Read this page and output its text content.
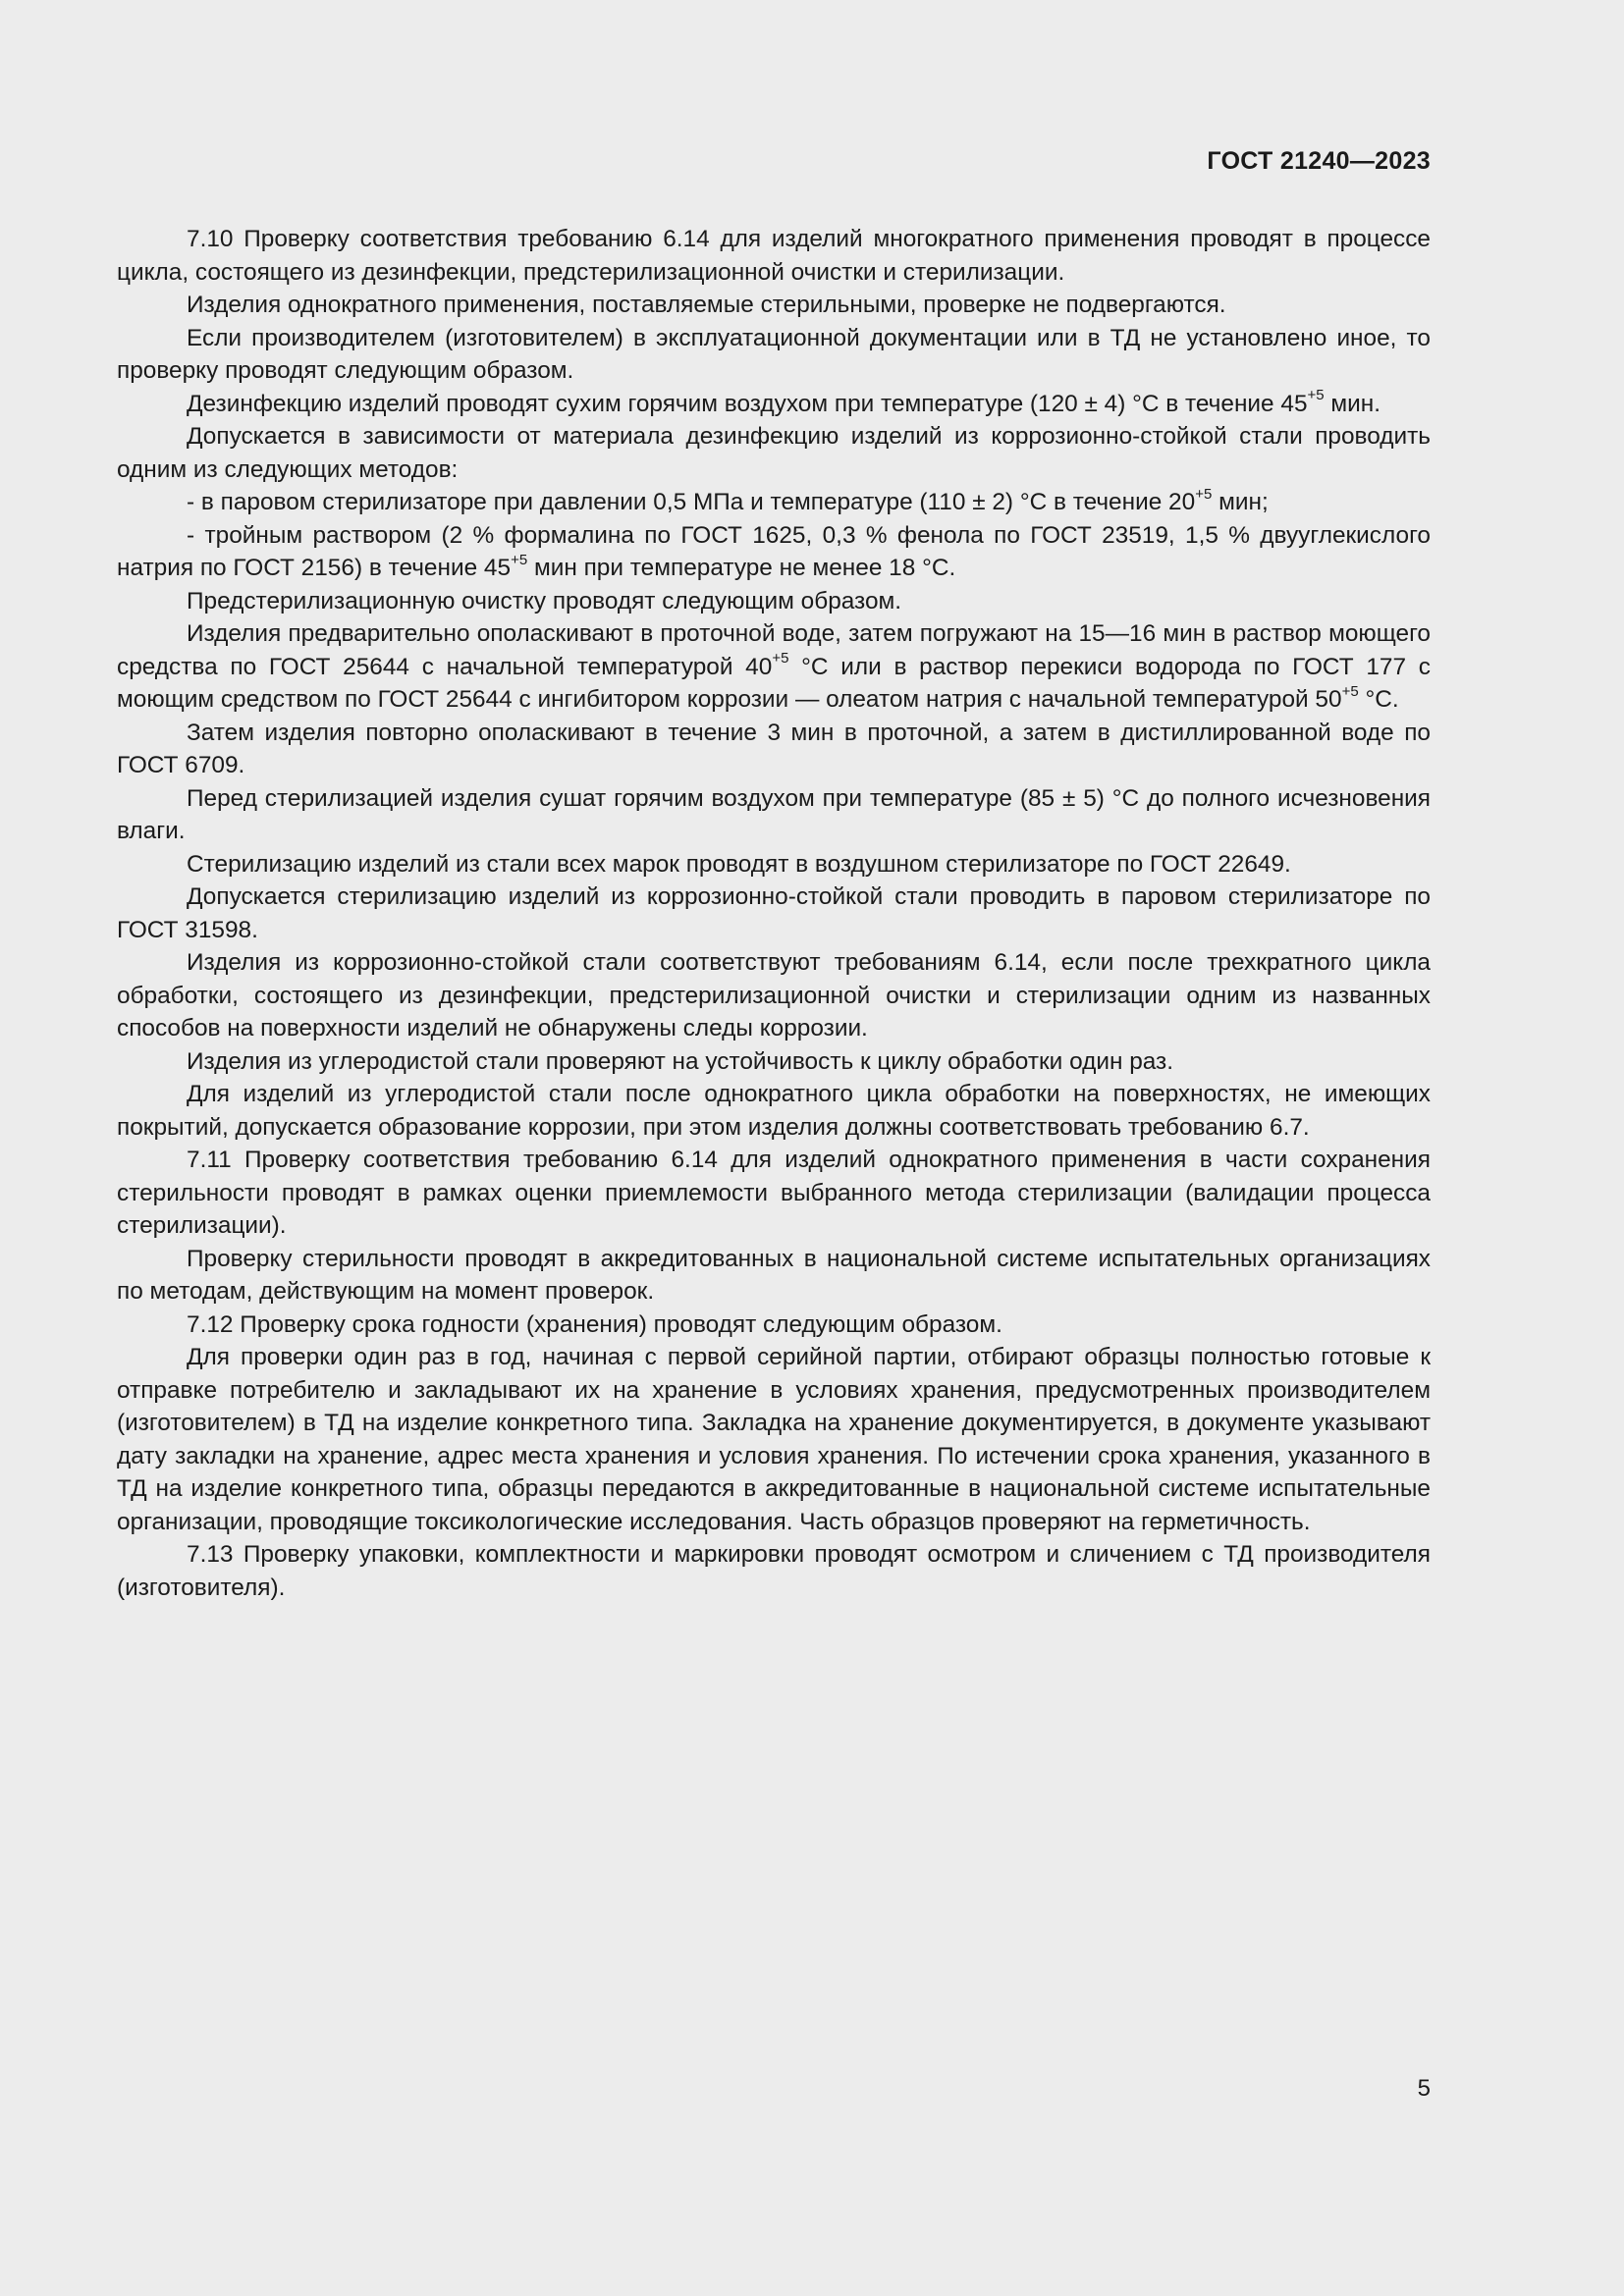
ГОСТ 21240—2023

7.10 Проверку соответствия требованию 6.14 для изделий многократного применения проводят в процессе цикла, состоящего из дезинфекции, предстерилизационной очистки и стерилизации.

Изделия однократного применения, поставляемые стерильными, проверке не подвергаются.

Если производителем (изготовителем) в эксплуатационной документации или в ТД не установлено иное, то проверку проводят следующим образом.

Дезинфекцию изделий проводят сухим горячим воздухом при температуре (120 ± 4) °С в течение $45^{+5}$ мин.

Допускается в зависимости от материала дезинфекцию изделий из коррозионно-стойкой стали проводить одним из следующих методов:

- в паровом стерилизаторе при давлении 0,5 МПа и температуре (110 ± 2) °С в течение $20^{+5}$ мин;

- тройным раствором (2 % формалина по ГОСТ 1625, 0,3 % фенола по ГОСТ 23519, 1,5 % двууглекислого натрия по ГОСТ 2156) в течение $45^{+5}$ мин при температуре не менее 18 °С.

Предстерилизационную очистку проводят следующим образом.

Изделия предварительно ополаскивают в проточной воде, затем погружают на 15—16 мин в раствор моющего средства по ГОСТ 25644 с начальной температурой $40^{+5}$ °С или в раствор перекиси водорода по ГОСТ 177 с моющим средством по ГОСТ 25644 с ингибитором коррозии — олеатом натрия с начальной температурой $50^{+5}$ °С.

Затем изделия повторно ополаскивают в течение 3 мин в проточной, а затем в дистиллированной воде по ГОСТ 6709.

Перед стерилизацией изделия сушат горячим воздухом при температуре (85 ± 5) °С до полного исчезновения влаги.

Стерилизацию изделий из стали всех марок проводят в воздушном стерилизаторе по ГОСТ 22649.

Допускается стерилизацию изделий из коррозионно-стойкой стали проводить в паровом стерилизаторе по ГОСТ 31598.

Изделия из коррозионно-стойкой стали соответствуют требованиям 6.14, если после трехкратного цикла обработки, состоящего из дезинфекции, предстерилизационной очистки и стерилизации одним из названных способов на поверхности изделий не обнаружены следы коррозии.

Изделия из углеродистой стали проверяют на устойчивость к циклу обработки один раз.

Для изделий из углеродистой стали после однократного цикла обработки на поверхностях, не имеющих покрытий, допускается образование коррозии, при этом изделия должны соответствовать требованию 6.7.

7.11 Проверку соответствия требованию 6.14 для изделий однократного применения в части сохранения стерильности проводят в рамках оценки приемлемости выбранного метода стерилизации (валидации процесса стерилизации).

Проверку стерильности проводят в аккредитованных в национальной системе испытательных организациях по методам, действующим на момент проверок.

7.12 Проверку срока годности (хранения) проводят следующим образом.

Для проверки один раз в год, начиная с первой серийной партии, отбирают образцы полностью готовые к отправке потребителю и закладывают их на хранение в условиях хранения, предусмотренных производителем (изготовителем) в ТД на изделие конкретного типа. Закладка на хранение документируется, в документе указывают дату закладки на хранение, адрес места хранения и условия хранения. По истечении срока хранения, указанного в ТД на изделие конкретного типа, образцы передаются в аккредитованные в национальной системе испытательные организации, проводящие токсикологические исследования. Часть образцов проверяют на герметичность.

7.13 Проверку упаковки, комплектности и маркировки проводят осмотром и сличением с ТД производителя (изготовителя).

5
